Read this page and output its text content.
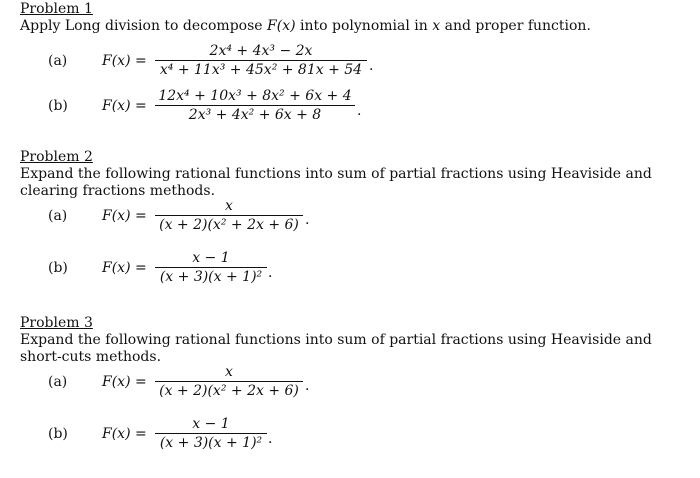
Problem 1
Apply Long division to decompose F(x) into polynomial in x and proper function.
(a) F(x) =
2x⁴ + 4x³ − 2x
x⁴ + 11x³ + 45x² + 81x + 54 .
(b) F(x) =
12x⁴ + 10x³ + 8x² + 6x + 4
2x³ + 4x² + 6x + 8	.
Problem 2
Expand the following rational functions into sum of partial fractions using Heaviside and clearing fractions methods.
(a) F(x) =
x
(x + 2)(x² + 2x + 6) .
(b) F(x) =
x − 1
(x + 3)(x + 1)² .
Problem 3
Expand the following rational functions into sum of partial fractions using Heaviside and short-cuts methods.
(a) F(x) =
x
(x + 2)(x² + 2x + 6) .
(b) F(x) =
x − 1
(x + 3)(x + 1)² .
